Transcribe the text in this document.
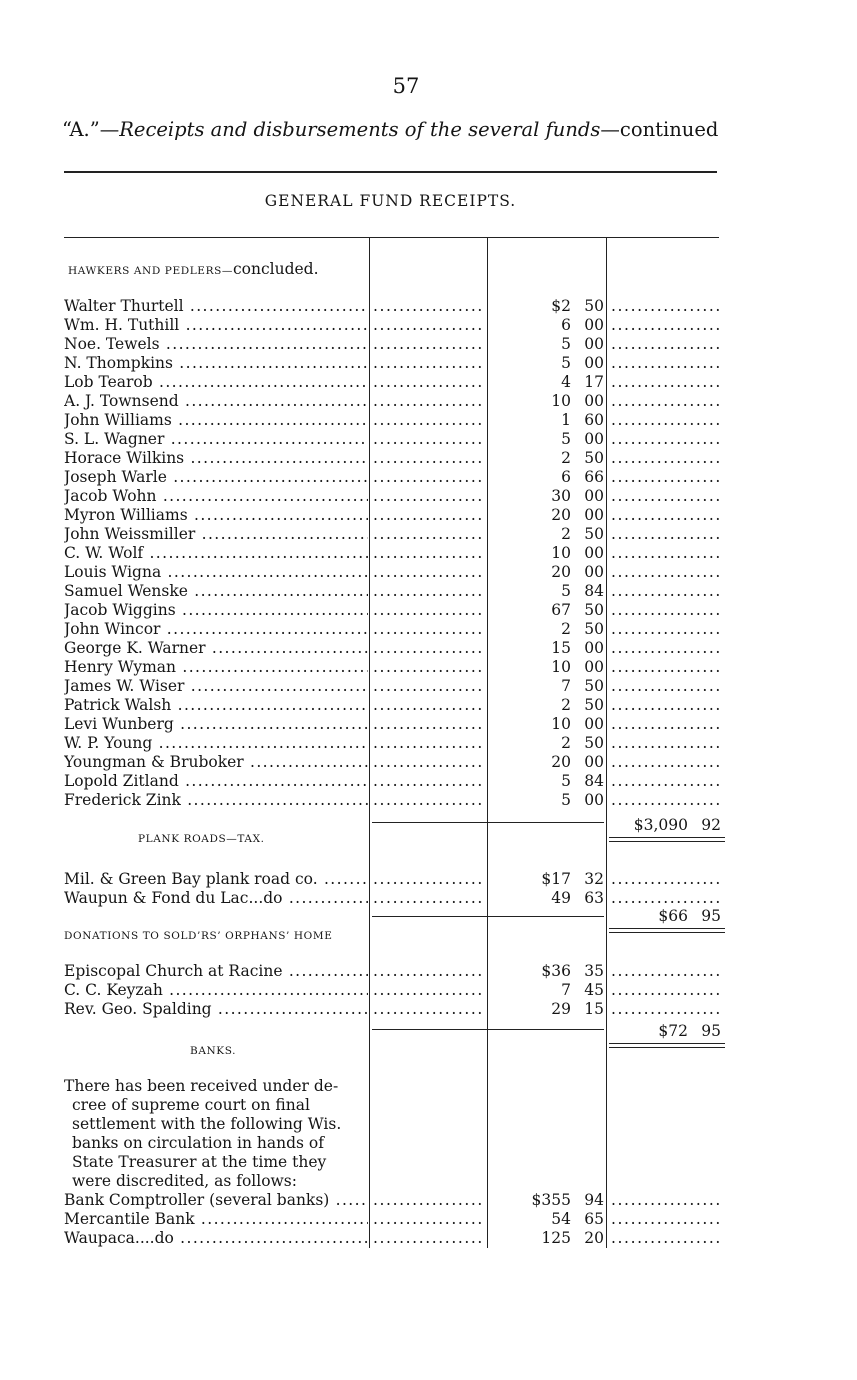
57
“A.”—Receipts and disbursements of the several funds—continued
GENERAL FUND RECEIPTS.
HAWKERS AND PEDLERS—concluded.
Walter Thurtell ..... .....	$2 50
.....
Wm. H. Tuthill ..... .....	6 00
.....
Noe. Tewels ..... .....	5 00
.....
N. Thompkins ..... .....	5 00
.....
Lob Tearob ..... .....	4 17
.....
A. J. Townsend ..... .....	10 00
.....
John Williams ..... .....	1 60
.....
S. L. Wagner ..... .....	5 00
.....
Horace Wilkins ..... .....	2 50
.....
Joseph Warle ..... .....	6 66
.....
Jacob Wohn ..... .....	30 00
.....
Myron Williams ..... .....	20 00
.....
John Weissmiller ..... .....	2 50
.....
C. W. Wolf ..... .....	10 00
.....
Louis Wigna ..... .....	20 00
.....
Samuel Wenske ..... .....	5 84
.....
Jacob Wiggins ..... .....	67 50
.....
John Wincor ..... .....	2 50
.....
George K. Warner ..... .....	15 00
.....
Henry Wyman ..... .....	10 00
.....
James W. Wiser ..... .....	7 50
.....
Patrick Walsh ..... .....	2 50
.....
Levi Wunberg ..... .....	10 00
.....
W. P. Young ..... .....	2 50
.....
Youngman & Bruboker ..... .....	20 00
.....
Lopold Zitland ..... .....	5 84
.....
Frederick Zink ..... .....	5 00
.....
$3,090 92
PLANK ROADS—TAX.
Mil. & Green Bay plank road co. ..... .....	$17 32
.....
Waupun & Fond du Lac...do ..... .....	49 63
.....
$66 95
DONATIONS TO SOLD’RS’ ORPHANS’ HOME
Episcopal Church at Racine ..... .....	$36 35
.....
C. C. Keyzah ..... .....	7 45
.....
Rev. Geo. Spalding ..... .....	29 15
.....
$72 95
BANKS.
There has been received under de-
cree of supreme court on final
settlement with the following Wis.
banks on circulation in hands of
State Treasurer at the time they
were discredited, as follows:
Bank Comptroller (several banks) ..... .....	$355 94
.....
Mercantile Bank ..... .....	54 65
.....
Waupaca....do ..... .....	125 20
.....
